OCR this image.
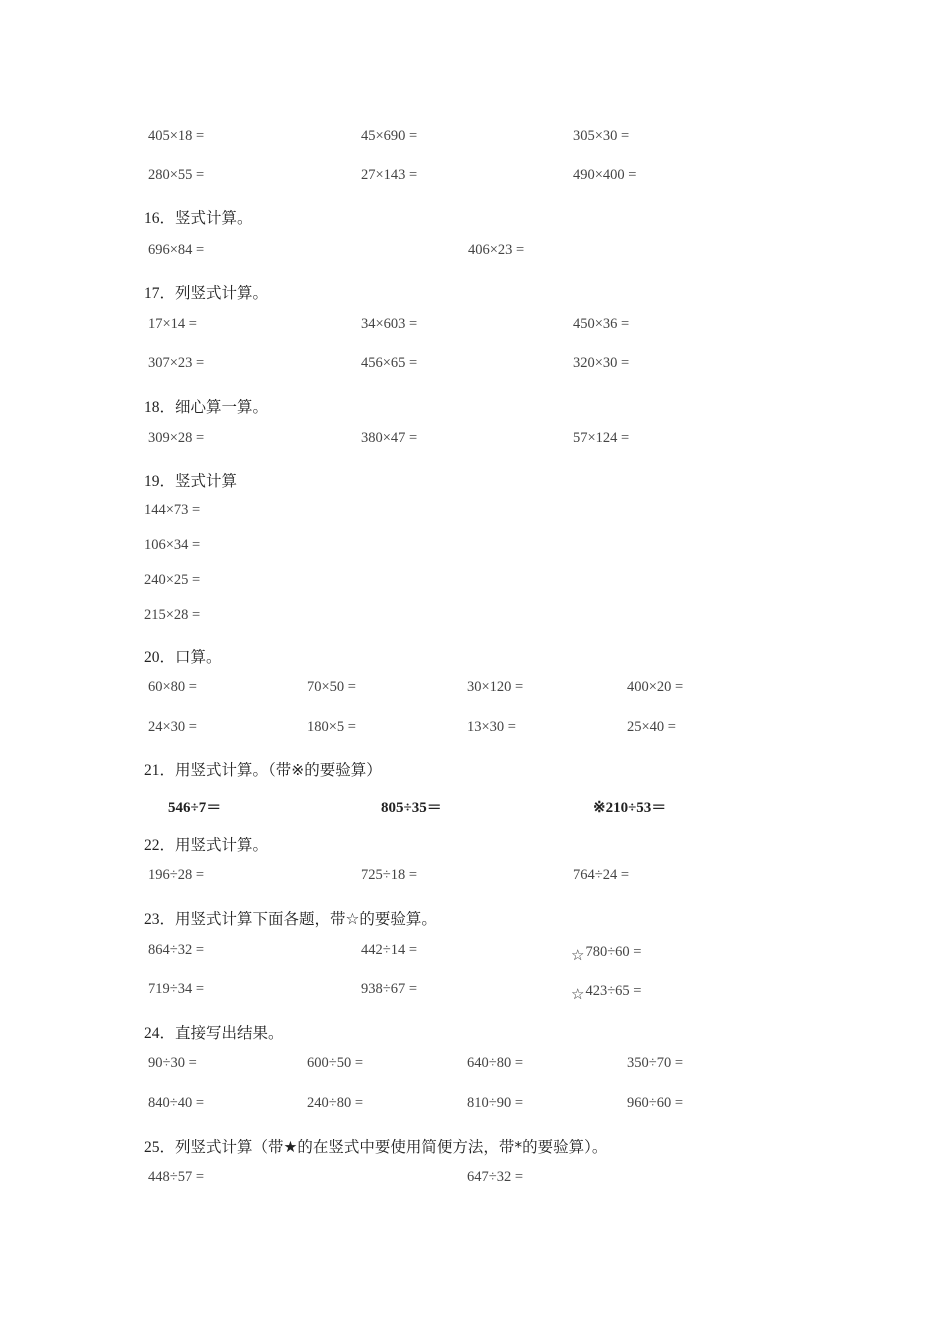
405×18 =	45×690 =	305×30 =
280×55 =	27×143 =	490×400 =
16．竖式计算。
696×84 =	406×23 =
17．列竖式计算。
17×14 =	34×603 =	450×36 =
307×23 =	456×65 =	320×30 =
18．细心算一算。
309×28 =	380×47 =	57×124 =
19．竖式计算
144×73 =
106×34 =
240×25 =
215×28 =
20．口算。
60×80 =	70×50 =	30×120 =	400×20 =
24×30 =	180×5 =	13×30 =	25×40 =
21．用竖式计算。（带※的要验算）
546÷7＝	805÷35＝	※210÷53＝
22．用竖式计算。
196÷28 =	725÷18 =	764÷24 =
23．用竖式计算下面各题，带☆的要验算。
864÷32 =	442÷14 =	☆780÷60 =
719÷34 =	938÷67 =	☆423÷65 =
24．直接写出结果。
90÷30 =	600÷50 =	640÷80 =	350÷70 =
840÷40 =	240÷80 =	810÷90 =	960÷60 =
25．列竖式计算（带★的在竖式中要使用简便方法，带*的要验算）。
448÷57 =	647÷32 =
